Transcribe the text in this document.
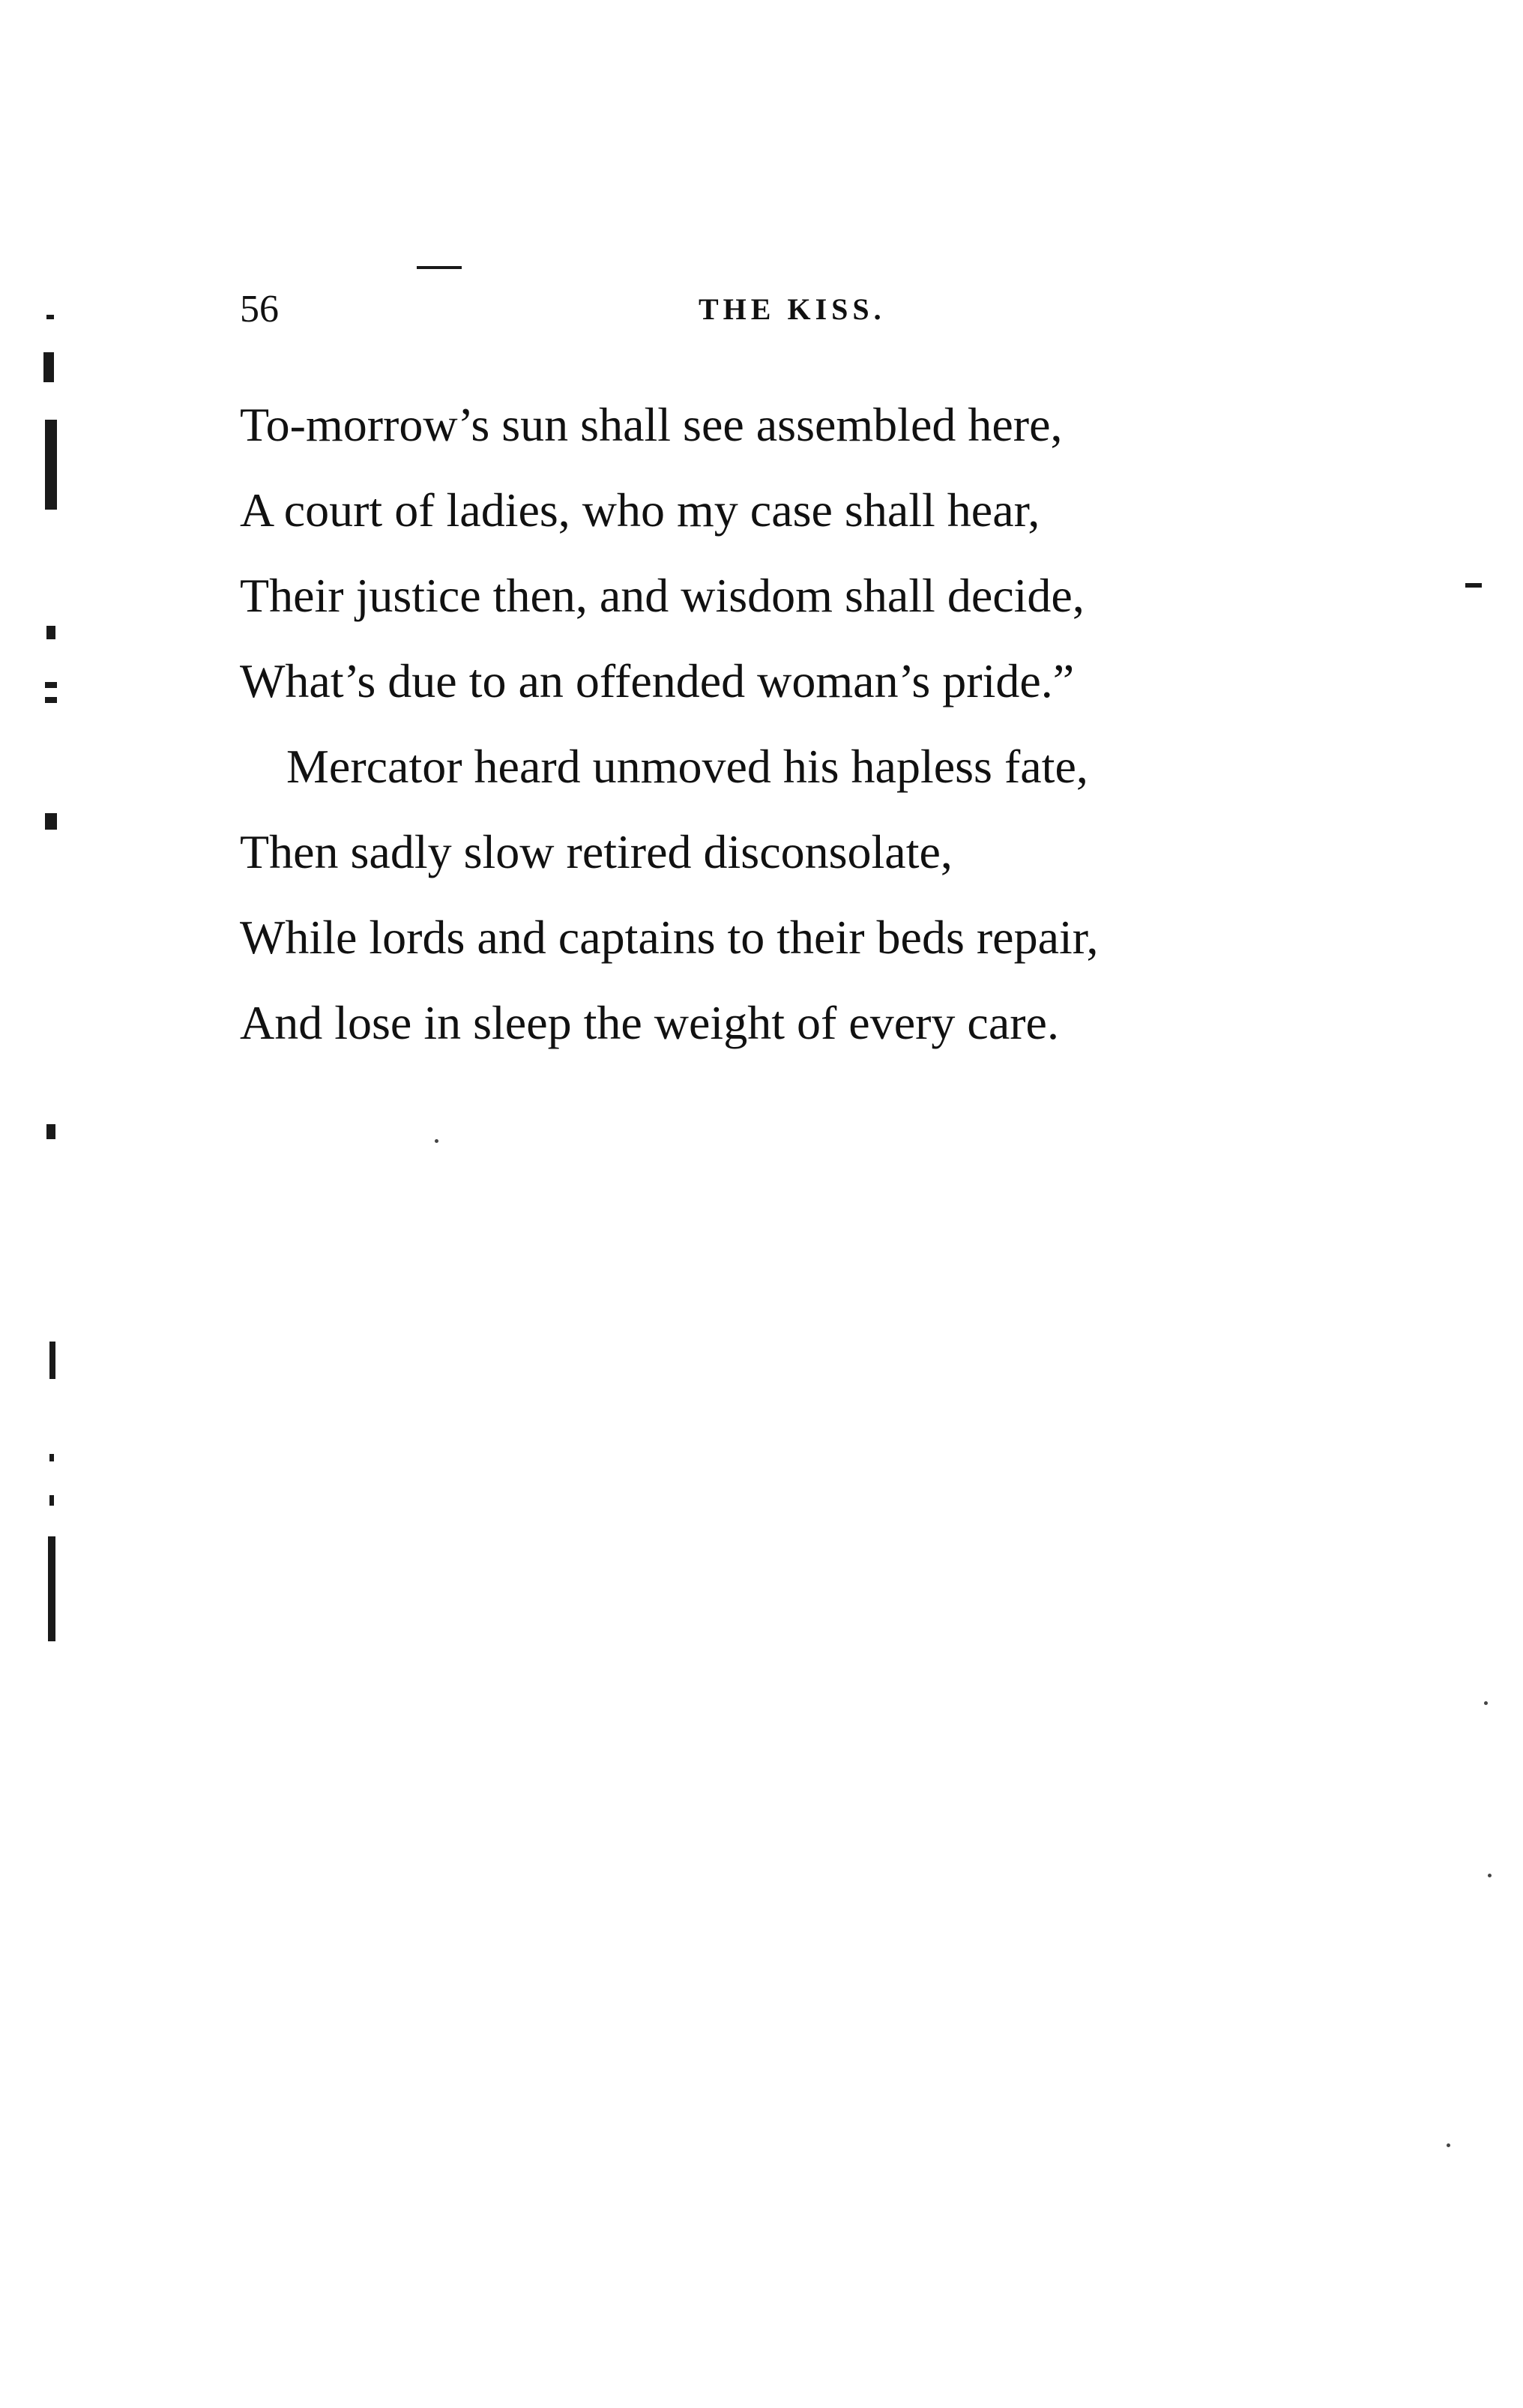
56	THE KISS.
To-morrow’s sun shall see assembled here,
A court of ladies, who my case shall hear,
Their justice then, and wisdom shall decide,
What’s due to an offended woman’s pride.”
Mercator heard unmoved his hapless fate,
Then sadly slow retired disconsolate,
While lords and captains to their beds repair,
And lose in sleep the weight of every care.
